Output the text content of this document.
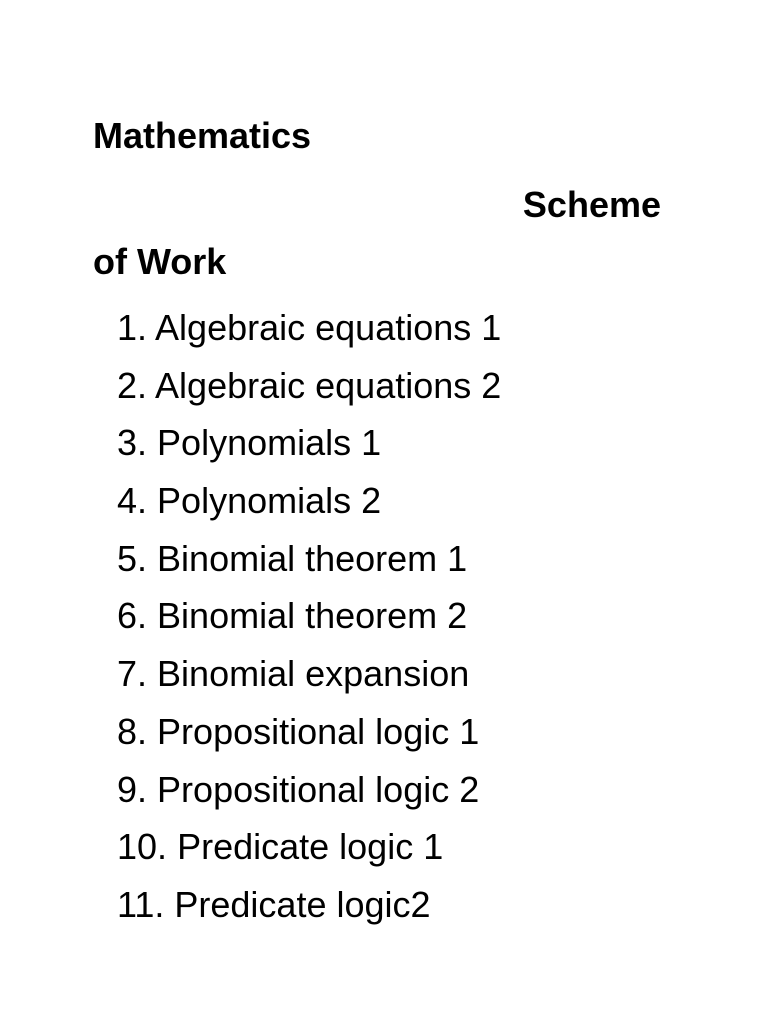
Mathematics
Scheme
of Work
1. Algebraic equations 1
2. Algebraic equations 2
3. Polynomials 1
4. Polynomials 2
5. Binomial theorem 1
6. Binomial theorem 2
7. Binomial expansion
8. Propositional logic 1
9. Propositional logic 2
10. Predicate logic 1
11. Predicate logic2
